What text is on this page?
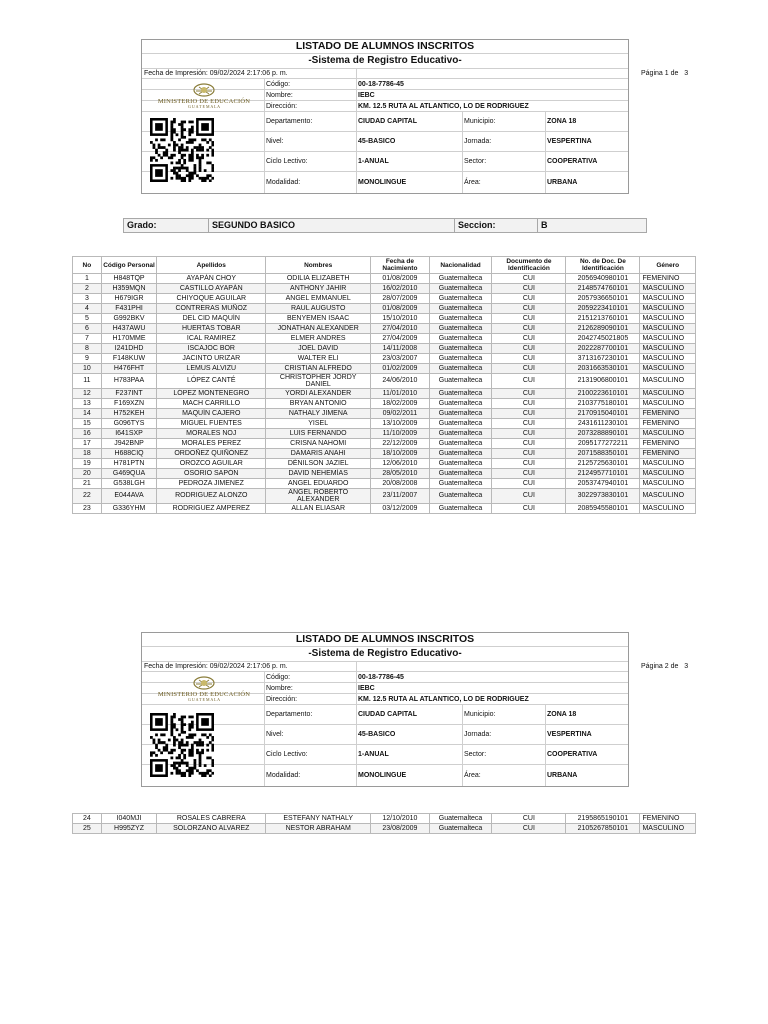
LISTADO DE ALUMNOS INSCRITOS
-Sistema de Registro Educativo-
Fecha de Impresión: 09/02/2024 2:17:06 p. m.
Código:	00-18-7786-45
Nombre:	IEBC
Dirección:	KM. 12.5 RUTA AL ATLANTICO, LO DE RODRIGUEZ
Departamento:	CIUDAD CAPITAL	Municipio:	ZONA 18
Nivel:	45-BASICO	Jornada:	VESPERTINA
Ciclo Lectivo:	1-ANUAL	Sector:	COOPERATIVA
Modalidad:	MONOLINGUE	Área:	URBANA
MINISTERIO DE EDUCACIÓN
G U A T E M A L A
Página 1 de 3
Grado:	SEGUNDO BASICO	Seccion:	B
No	Código Personal	Apellidos	Nombres	Fecha de Nacimiento	Nacionalidad	Documento de Identificación	No. de Doc. De Identificación	Género
1	H848TQP	AYAPÁN CHOY	ODILIA ELIZABETH	01/08/2009	Guatemalteca	CUI	2056940980101	FEMENINO
2	H359MQN	CASTILLO AYAPÁN	ANTHONY JAHIR	16/02/2010	Guatemalteca	CUI	2148574760101	MASCULINO
3	H679IGR	CHIYOQUE AGUILAR	ANGEL EMMANUEL	28/07/2009	Guatemalteca	CUI	2057936650101	MASCULINO
4	F431PHI	CONTRERAS MUÑOZ	RAUL AUGUSTO	01/08/2009	Guatemalteca	CUI	2059223410101	MASCULINO
5	G992BKV	DEL CID MAQUÍN	BENYEMEN ISAAC	15/10/2010	Guatemalteca	CUI	2151213760101	MASCULINO
6	H437AWU	HUERTAS TOBAR	JONATHAN ALEXANDER	27/04/2010	Guatemalteca	CUI	2126289090101	MASCULINO
7	H170MME	ICAL RAMIREZ	ELMER ANDRES	27/04/2009	Guatemalteca	CUI	2042745021805	MASCULINO
8	I241DHD	ISCAJOC BOR	JOEL DAVID	14/11/2008	Guatemalteca	CUI	2022287700101	MASCULINO
9	F148KUW	JACINTO URIZAR	WALTER ELI	23/03/2007	Guatemalteca	CUI	3713167230101	MASCULINO
10	H476FHT	LEMUS ALVIZU	CRISTIAN ALFREDO	01/02/2009	Guatemalteca	CUI	2031663530101	MASCULINO
11	H783PAA	LÓPEZ CANTÉ	CHRISTOPHER JORDY DANIEL	24/06/2010	Guatemalteca	CUI	2131906800101	MASCULINO
12	F237INT	LÓPEZ MONTENEGRO	YORDI ALEXANDER	11/01/2010	Guatemalteca	CUI	2100223610101	MASCULINO
13	F169XZN	MACH CARRILLO	BRYAN ANTONIO	18/02/2009	Guatemalteca	CUI	2103775180101	MASCULINO
14	H752KEH	MAQUÍN CAJERO	NATHALY JIMENA	09/02/2011	Guatemalteca	CUI	2170915040101	FEMENINO
15	G096TYS	MIGUEL FUENTES	YISEL	13/10/2009	Guatemalteca	CUI	2431611230101	FEMENINO
16	I641SXP	MORALES NOJ	LUIS FERNANDO	11/10/2009	Guatemalteca	CUI	2073288890101	MASCULINO
17	J942BNP	MORALES PEREZ	CRISNA NAHOMI	22/12/2009	Guatemalteca	CUI	2095177272211	FEMENINO
18	H688CIQ	ORDOÑEZ QUIÑÓNEZ	DAMARIS ANAHI	18/10/2009	Guatemalteca	CUI	2071588350101	FEMENINO
19	H781PTN	OROZCO AGUILAR	DÉNILSON JAZIEL	12/06/2010	Guatemalteca	CUI	2125725630101	MASCULINO
20	G469QUA	OSORIO SAPÓN	DAVID NEHEMÍAS	28/05/2010	Guatemalteca	CUI	2124957710101	MASCULINO
21	G538LGH	PEDROZA JIMENEZ	ANGEL EDUARDO	20/08/2008	Guatemalteca	CUI	2053747940101	MASCULINO
22	E044AVA	RODRIGUEZ ALONZO	ANGEL ROBERTO ALEXANDER	23/11/2007	Guatemalteca	CUI	3022973830101	MASCULINO
23	G336YHM	RODRIGUEZ AMPEREZ	ALLAN ELIASAR	03/12/2009	Guatemalteca	CUI	2085945580101	MASCULINO
LISTADO DE ALUMNOS INSCRITOS
-Sistema de Registro Educativo-
Fecha de Impresión: 09/02/2024 2:17:06 p. m.
Código:	00-18-7786-45
Nombre:	IEBC
Dirección:	KM. 12.5 RUTA AL ATLANTICO, LO DE RODRIGUEZ
Departamento:	CIUDAD CAPITAL	Municipio:	ZONA 18
Nivel:	45-BASICO	Jornada:	VESPERTINA
Ciclo Lectivo:	1-ANUAL	Sector:	COOPERATIVA
Modalidad:	MONOLINGUE	Área:	URBANA
MINISTERIO DE EDUCACIÓN
G U A T E M A L A
Página 2 de 3
24	I040MJI	ROSALES CABRERA	ESTEFANY NATHALY	12/10/2010	Guatemalteca	CUI	2195865190101	FEMENINO
25	H995ZYZ	SOLORZANO ALVAREZ	NESTOR ABRAHAM	23/08/2009	Guatemalteca	CUI	2105267850101	MASCULINO
